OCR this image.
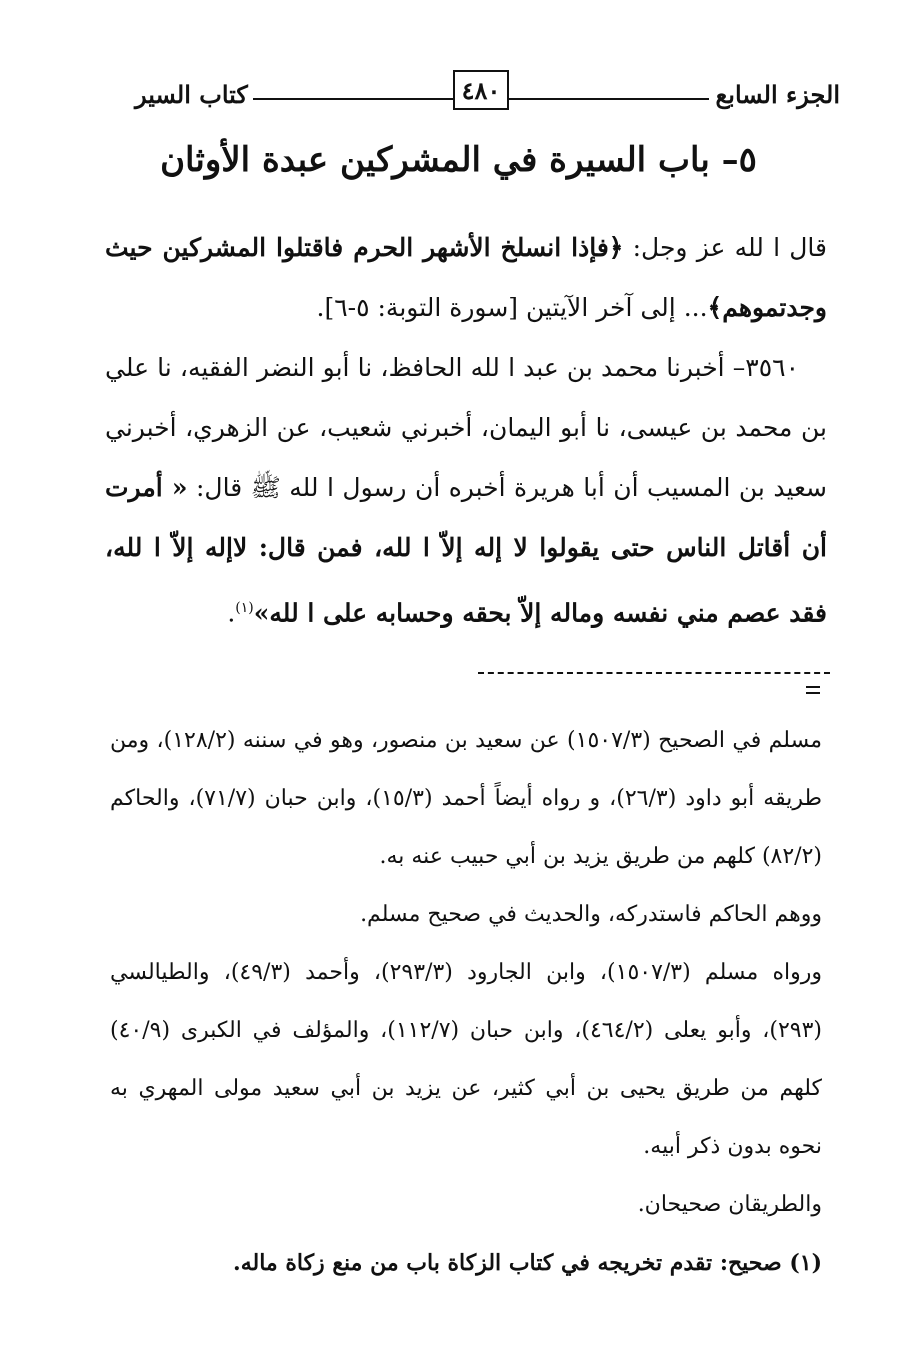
كتاب السير	٤٨٠	الجزء السابع
٥– باب السيرة في المشركين عبدة الأوثان

قال ا لله عز وجل: ﴿فإذا انسلخ الأشهر الحرم فاقتلوا المشركين حيث وجدتموهم﴾... إلى آخر الآيتين [سورة التوبة: ٥-٦].

٣٥٦٠– أخبرنا محمد بن عبد ا لله الحافظ، نا أبو النضر الفقيه، نا علي بن محمد بن عيسى، نا أبو اليمان، أخبرني شعيب، عن الزهري، أخبرني سعيد بن المسيب أن أبا هريرة أخبره أن رسول ا لله ﷺ قال: « أمرت أن أقاتل الناس حتى يقولوا لا إله إلاّ ا لله، فمن قال: لاإله إلاّ ا لله، فقد عصم مني نفسه وماله إلاّ بحقه وحسابه على ا لله»$^{(١)}$.

مسلم في الصحيح (١٥٠٧/٣) عن سعيد بن منصور، وهو في سننه (١٢٨/٢)، ومن طريقه أبو داود (٢٦/٣)، و رواه أيضاً أحمد (١٥/٣)، وابن حبان (٧١/٧)، والحاكم (٨٢/٢) كلهم من طريق يزيد بن أبي حبيب عنه به.

ووهم الحاكم فاستدركه، والحديث في صحيح مسلم.

ورواه مسلم (١٥٠٧/٣)، وابن الجارود (٢٩٣/٣)، وأحمد (٤٩/٣)، والطيالسي (٢٩٣)، وأبو يعلى (٤٦٤/٢)، وابن حبان (١١٢/٧)، والمؤلف في الكبرى (٤٠/٩) كلهم من طريق يحيى بن أبي كثير، عن يزيد بن أبي سعيد مولى المهري به نحوه بدون ذكر أبيه.

والطريقان صحيحان.

(١) صحيح: تقدم تخريجه في كتاب الزكاة باب من منع زكاة ماله.
